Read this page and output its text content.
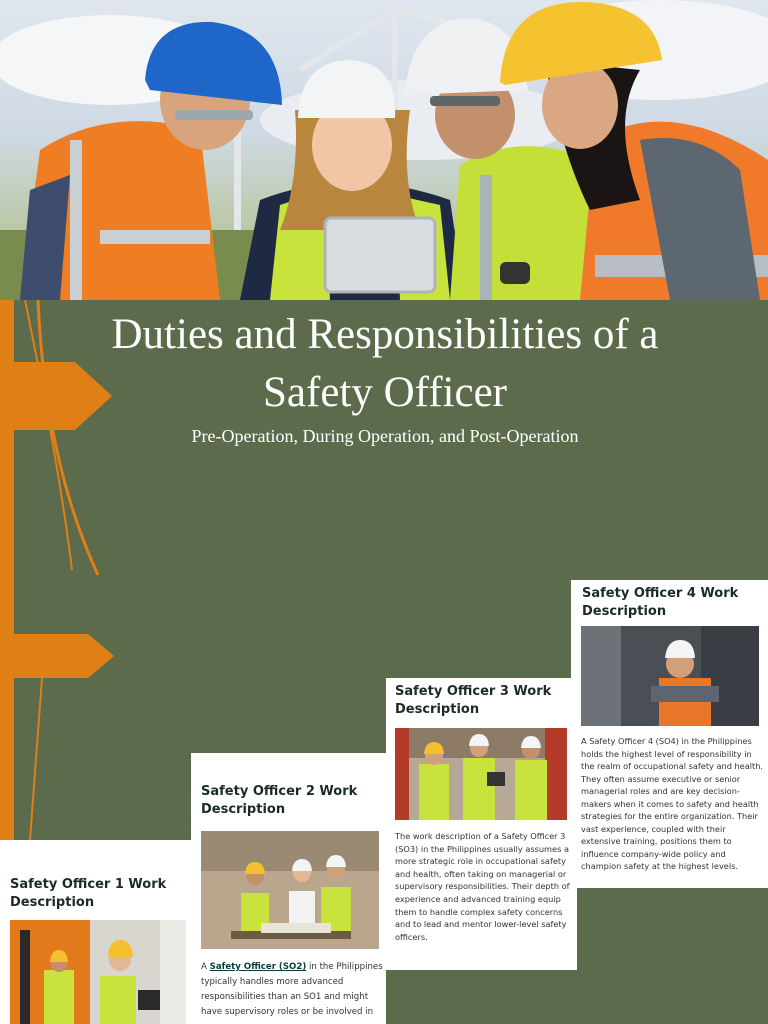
Duties and Responsibilities of a
Safety Officer
Pre-Operation, During Operation, and Post-Operation
Safety Officer 4 Work
Description
A Safety Officer 4 (SO4) in the Philippines holds the highest level of responsibility in the realm of occupational safety and health. They often assume executive or senior managerial roles and are key decision-makers when it comes to safety and health strategies for the entire organization. Their vast experience, coupled with their extensive training, positions them to influence company-wide policy and champion safety at the highest levels.
Safety Officer 3 Work
Description
The work description of a Safety Officer 3 (SO3) in the Philippines usually assumes a more strategic role in occupational safety and health, often taking on managerial or supervisory responsibilities. Their depth of experience and advanced training equip them to handle complex safety concerns and to lead and mentor lower-level safety officers.
Safety Officer 2 Work
Description
A Safety Officer (SO2) in the Philippines typically handles more advanced responsibilities than an SO1 and might have supervisory roles or be involved in
Safety Officer 1 Work
Description
